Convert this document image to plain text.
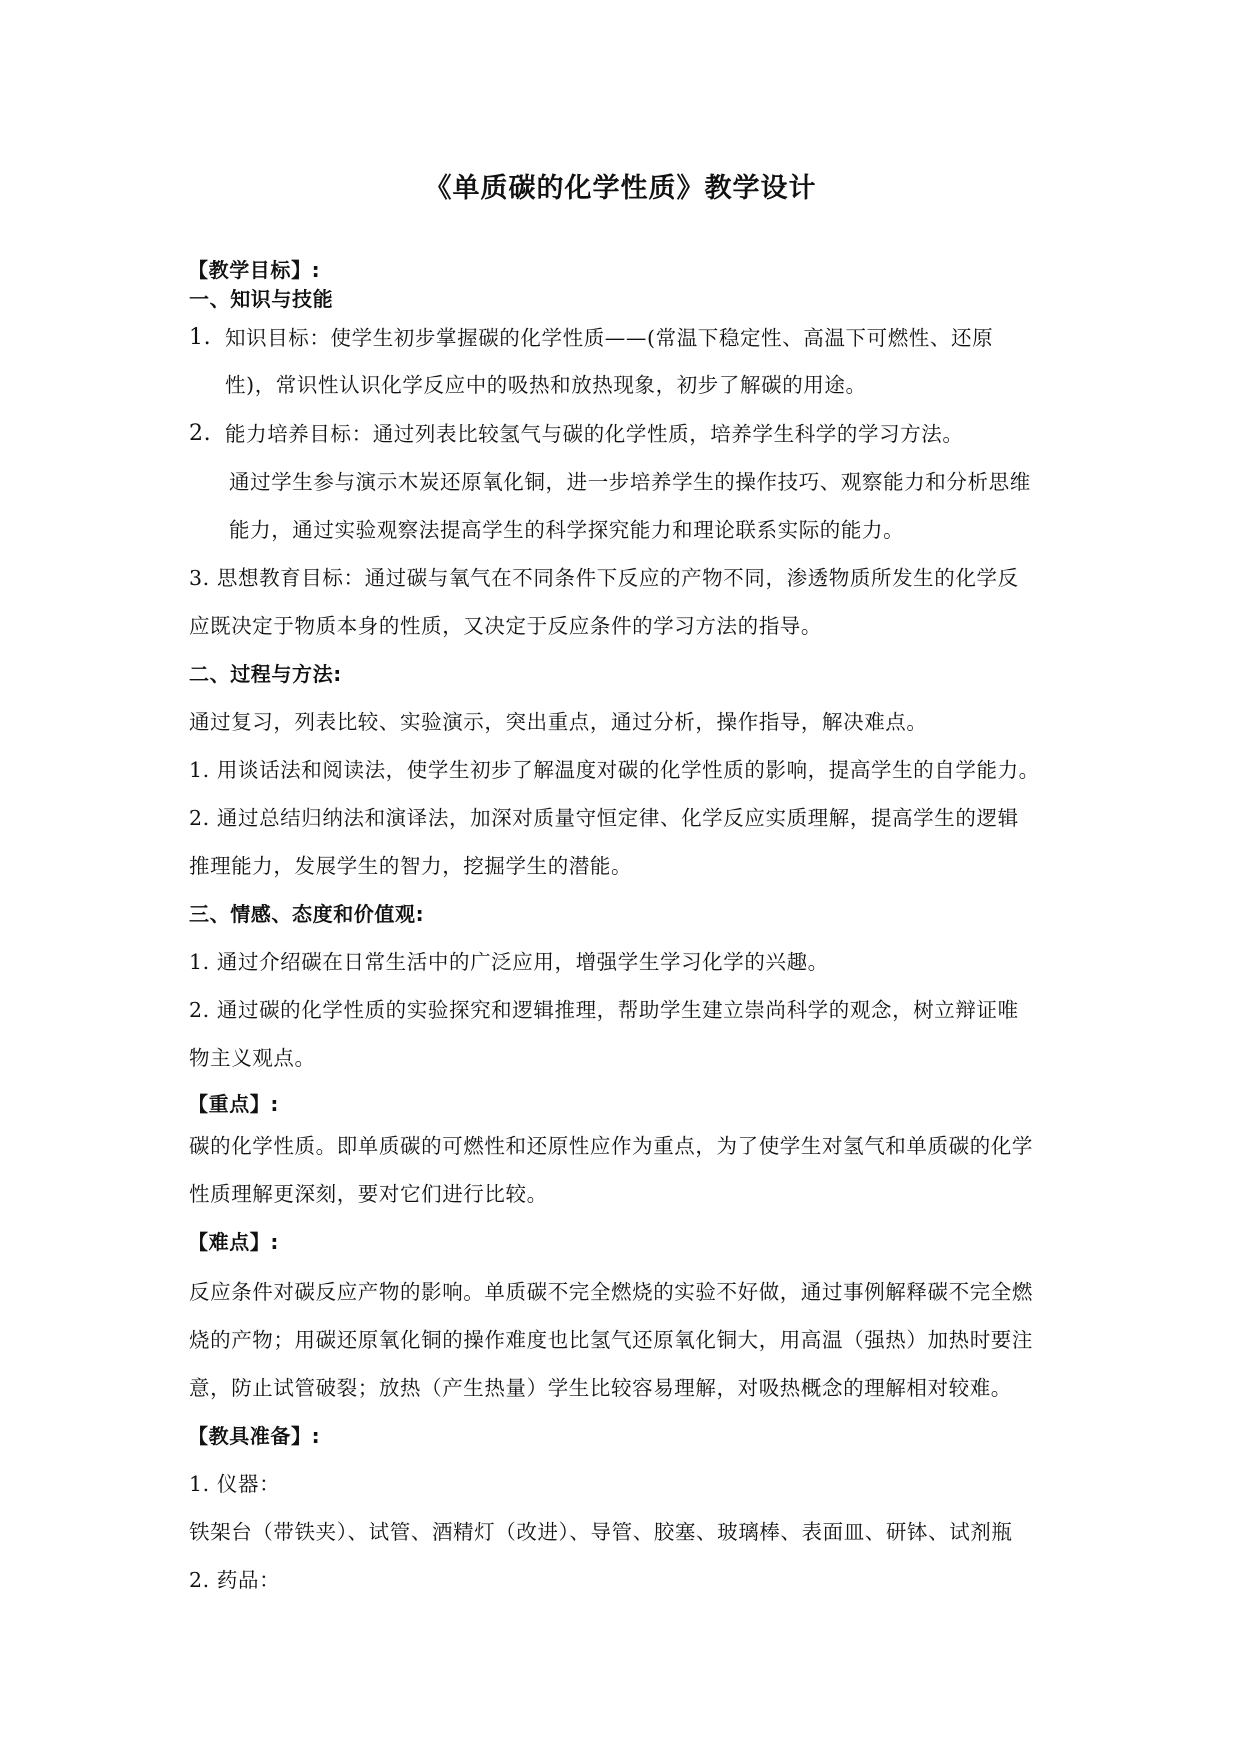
《单质碳的化学性质》教学设计
【教学目标】:
一、知识与技能
1. 知识目标：使学生初步掌握碳的化学性质——(常温下稳定性、高温下可燃性、还原
性)，常识性认识化学反应中的吸热和放热现象，初步了解碳的用途。
2. 能力培养目标：通过列表比较氢气与碳的化学性质，培养学生科学的学习方法。
通过学生参与演示木炭还原氧化铜，进一步培养学生的操作技巧、观察能力和分析思维
能力，通过实验观察法提高学生的科学探究能力和理论联系实际的能力。
3. 思想教育目标：通过碳与氧气在不同条件下反应的产物不同，渗透物质所发生的化学反
应既决定于物质本身的性质，又决定于反应条件的学习方法的指导。
二、过程与方法:
通过复习，列表比较、实验演示，突出重点，通过分析，操作指导，解决难点。
1. 用谈话法和阅读法，使学生初步了解温度对碳的化学性质的影响，提高学生的自学能力。
2. 通过总结归纳法和演译法，加深对质量守恒定律、化学反应实质理解，提高学生的逻辑
推理能力，发展学生的智力，挖掘学生的潜能。
三、情感、态度和价值观:
1. 通过介绍碳在日常生活中的广泛应用，增强学生学习化学的兴趣。
2. 通过碳的化学性质的实验探究和逻辑推理，帮助学生建立崇尚科学的观念，树立辩证唯
物主义观点。
【重点】:
碳的化学性质。即单质碳的可燃性和还原性应作为重点，为了使学生对氢气和单质碳的化学
性质理解更深刻，要对它们进行比较。
【难点】:
反应条件对碳反应产物的影响。单质碳不完全燃烧的实验不好做，通过事例解释碳不完全燃
烧的产物；用碳还原氧化铜的操作难度也比氢气还原氧化铜大，用高温（强热）加热时要注
意，防止试管破裂；放热（产生热量）学生比较容易理解，对吸热概念的理解相对较难。
【教具准备】:
1. 仪器：
铁架台（带铁夹）、试管、酒精灯（改进）、导管、胶塞、玻璃棒、表面皿、研钵、试剂瓶
2. 药品：
